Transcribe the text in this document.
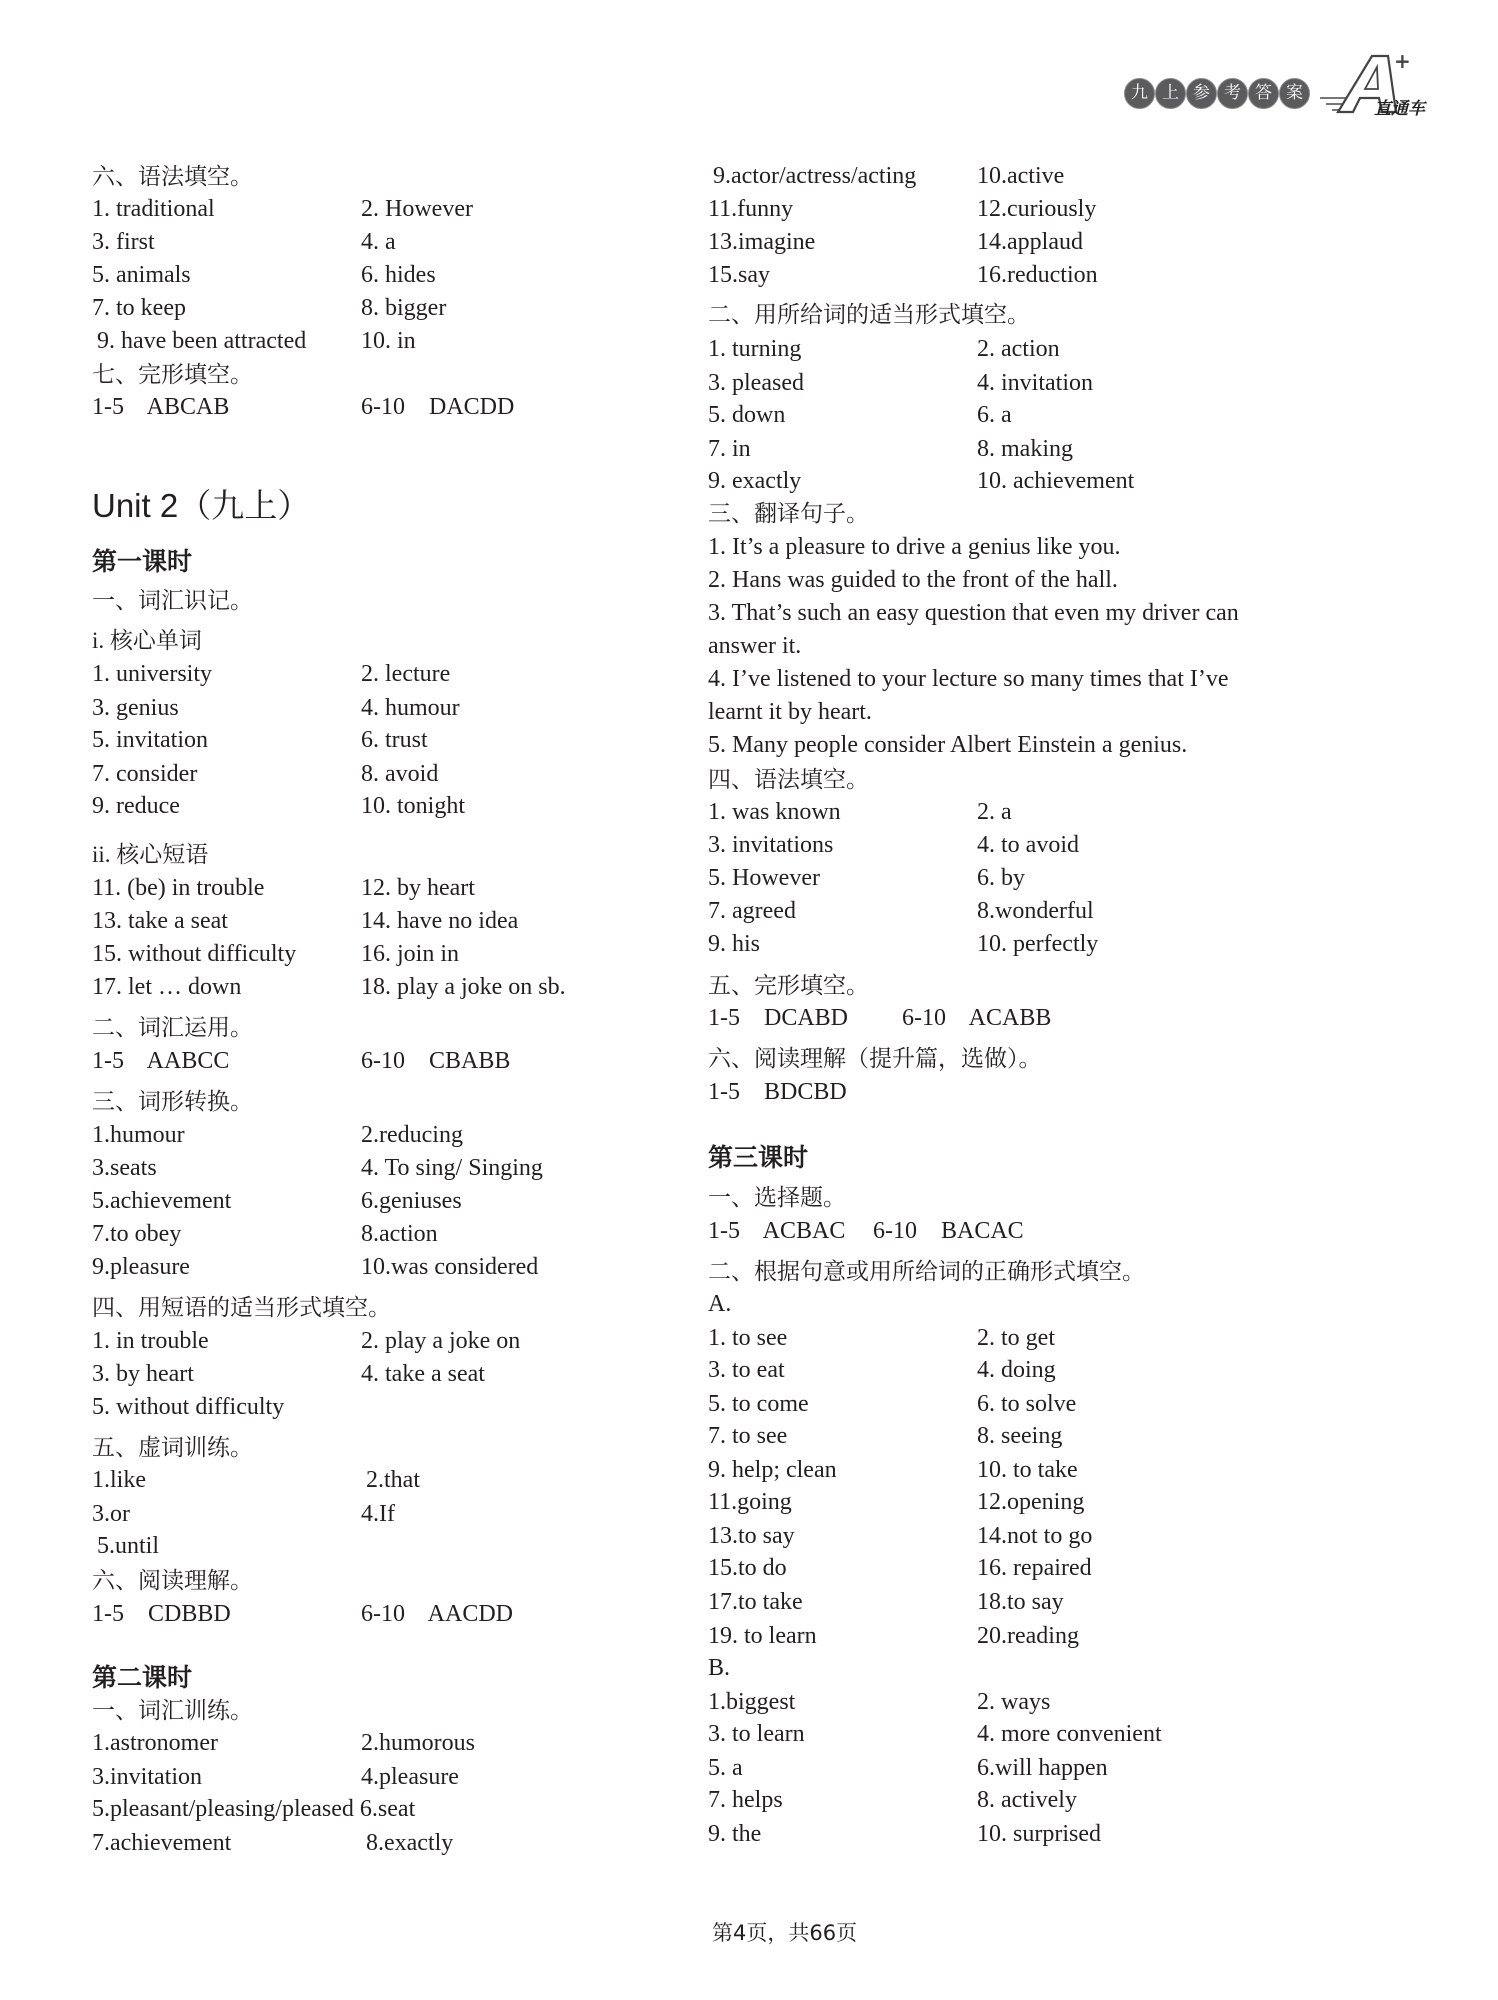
九 上 参 考 答 案
A
+
直通车
六、语法填空。
1. traditional	2. However
3. first	4. a
5. animals	6. hides
7. to keep	8. bigger
9. have been attracted 10. in
七、完形填空。
1-5    ABCAB	6-10    DACDD
Unit 2（九上）
第一课时
一、词汇识记。
i. 核心单词
1. university	2. lecture
3. genius	4. humour
5. invitation	6. trust
7. consider	8. avoid
9. reduce	10. tonight
ii. 核心短语
11. (be) in trouble	12. by heart
13. take a seat	14. have no idea
15. without difficulty	16. join in
17. let … down	18. play a joke on sb.
二、词汇运用。
1-5    AABCC	6-10    CBABB
三、词形转换。
1.humour	2.reducing
3.seats	4. To sing/ Singing
5.achievement	6.geniuses
7.to obey	8.action
9.pleasure	10.was considered
四、用短语的适当形式填空。
1. in trouble	2. play a joke on
3. by heart	4. take a seat
5. without difficulty
五、虚词训练。
1.like	2.that
3.or	4.If
5.until
六、阅读理解。
1-5    CDBBD	6-10    AACDD
第二课时
一、词汇训练。
1.astronomer	2.humorous
3.invitation	4.pleasure
5.pleasant/pleasing/pleased 6.seat
7.achievement	8.exactly
9.actor/actress/acting	10.active
11.funny	12.curiously
13.imagine	14.applaud
15.say	16.reduction
二、用所给词的适当形式填空。
1. turning	2. action
3. pleased	4. invitation
5. down	6. a
7. in	8. making
9. exactly	10. achievement
三、翻译句子。

1. It’s a pleasure to drive a genius like you.

2. Hans was guided to the front of the hall.

3. That’s such an easy question that even my driver can answer it.

4. I’ve listened to your lecture so many times that I’ve learnt it by heart.

5. Many people consider Albert Einstein a genius.

四、语法填空。
1. was known	2. a
3. invitations	4. to avoid
5. However	6. by
7. agreed	8.wonderful
9. his	10. perfectly
五、完形填空。
1-5    DCABD 6-10    ACABB
六、阅读理解（提升篇，选做）。
1-5    BDCBD
第三课时
一、选择题。
1-5    ACBAC 6-10    BACAC
二、根据句意或用所给词的正确形式填空。
A.
1. to see	2. to get
3. to eat	4. doing
5. to come	6. to solve
7. to see	8. seeing
9. help; clean	10. to take
11.going	12.opening
13.to say	14.not to go
15.to do	16. repaired
17.to take	18.to say
19. to learn	20.reading
B.
1.biggest	2. ways
3. to learn	4. more convenient
5. a	6.will happen
7. helps	8. actively
9. the	10. surprised
第4页，共66页
